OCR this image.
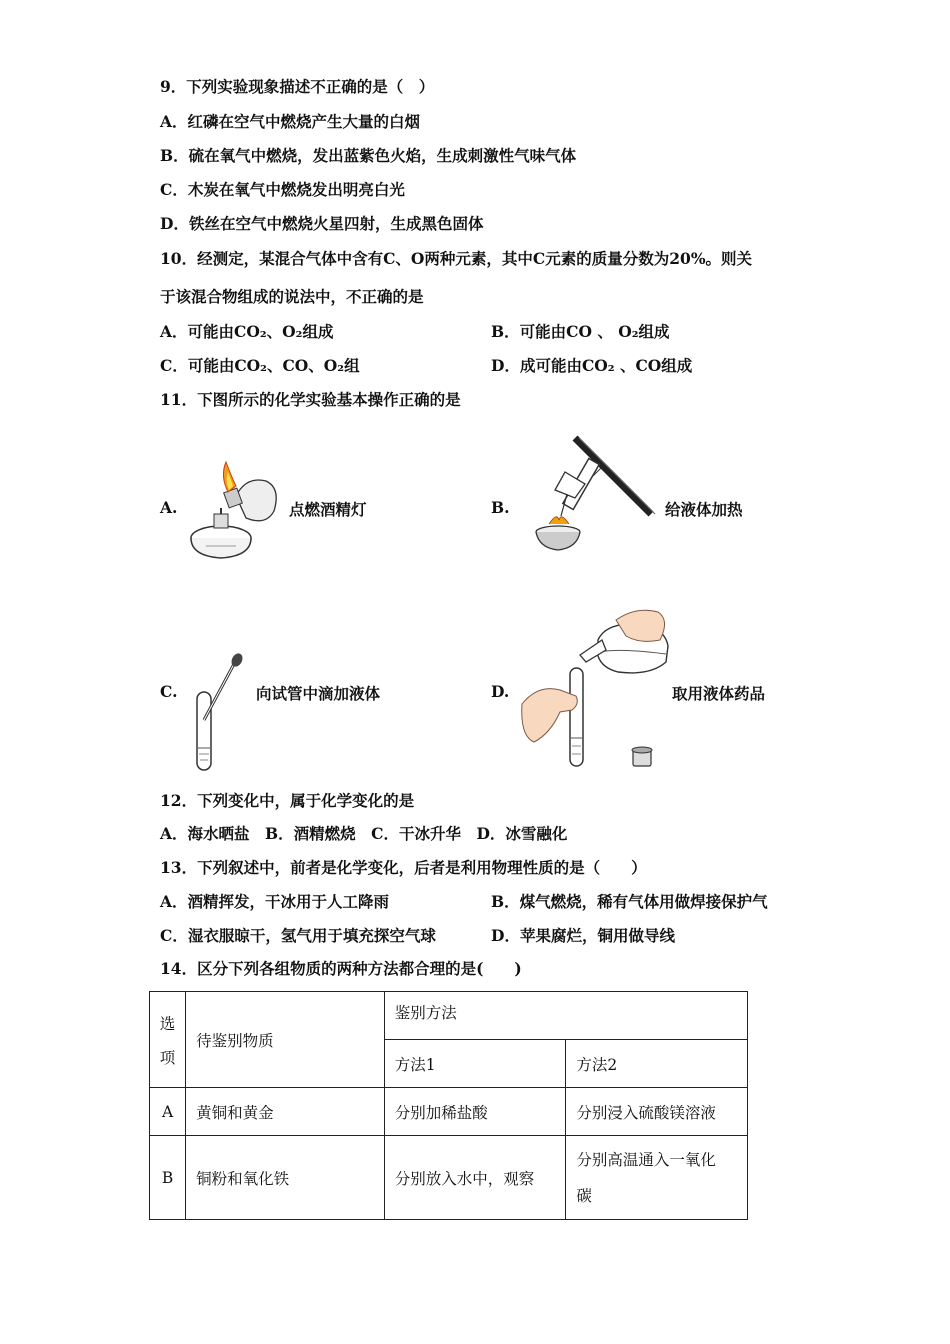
9．下列实验现象描述不正确的是（　）
A．红磷在空气中燃烧产生大量的白烟
B．硫在氧气中燃烧，发出蓝紫色火焰，生成刺激性气味气体
C．木炭在氧气中燃烧发出明亮白光
D．铁丝在空气中燃烧火星四射，生成黑色固体
10．经测定，某混合气体中含有C、O两种元素，其中C元素的质量分数为20%。则关
于该混合物组成的说法中，不正确的是
A．可能由CO₂、O₂组成	B．可能由CO 、 O₂组成
C．可能由CO₂、CO、O₂组	D．成可能由CO₂ 、CO组成
11．下图所示的化学实验基本操作正确的是
A.	点燃酒精灯	B.	给液体加热
C.	向试管中滴加液体	D.	取用液体药品
12．下列变化中，属于化学变化的是
A．海水晒盐　B．酒精燃烧　C．干冰升华　D．冰雪融化
13．下列叙述中，前者是化学变化，后者是利用物理性质的是（　　）
A．酒精挥发，干冰用于人工降雨	B．煤气燃烧，稀有气体用做焊接保护气
C．湿衣服晾干，氢气用于填充探空气球	D．苹果腐烂，铜用做导线
14．区分下列各组物质的两种方法都合理的是(　　)
选
项	待鉴别物质	鉴别方法	
		方法1	方法2
A	黄铜和黄金	分别加稀盐酸	分别浸入硫酸镁溶液
B	铜粉和氧化铁	分别放入水中，观察	分别高温通入一氧化
碳
